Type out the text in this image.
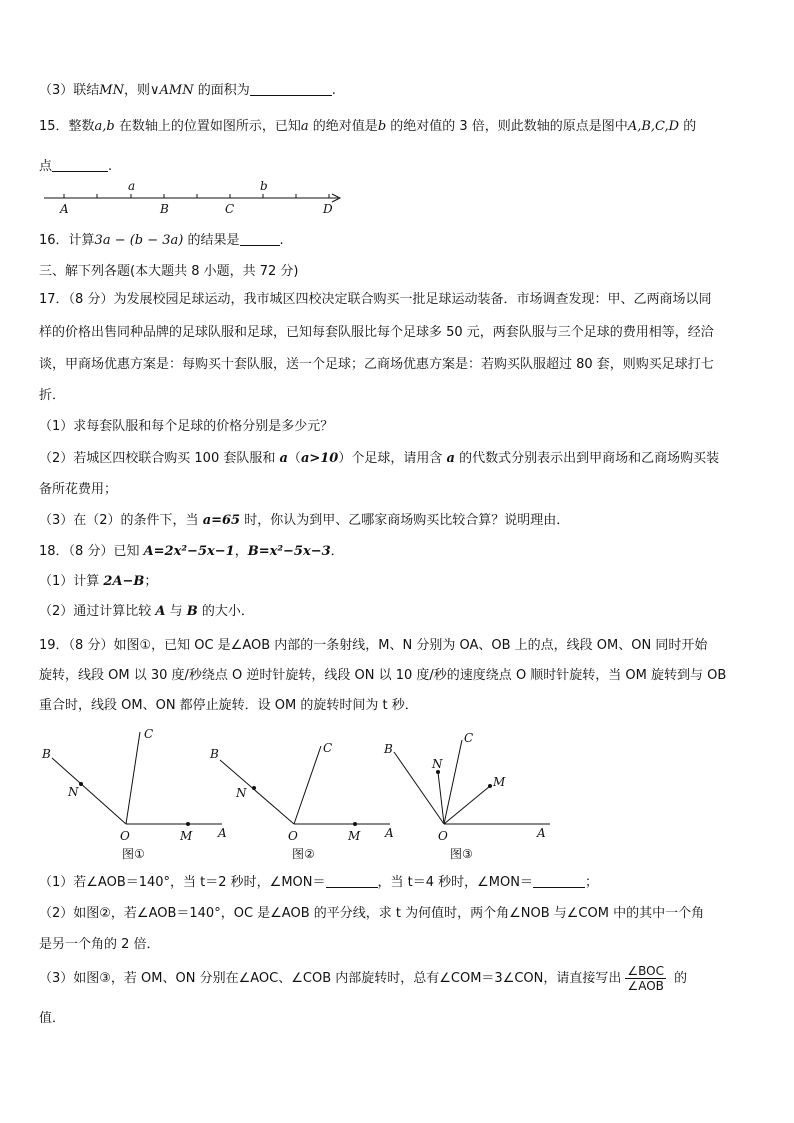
（3）联结MN，则∨AMN 的面积为	.
15．整数a,b 在数轴上的位置如图所示，已知a 的绝对值是b 的绝对值的 3 倍，则此数轴的原点是图中A,B,C,D 的
点	.
a	b
A	B	C	D
16．计算3a − (b − 3a) 的结果是	.
三、解下列各题(本大题共 8 小题，共 72 分)
17．（8 分）为发展校园足球运动，我市城区四校决定联合购买一批足球运动装备．市场调查发现：甲、乙两商场以同
样的价格出售同种品牌的足球队服和足球，已知每套队服比每个足球多 50 元，两套队服与三个足球的费用相等，经洽
谈，甲商场优惠方案是：每购买十套队服，送一个足球；乙商场优惠方案是：若购买队服超过 80 套，则购买足球打七
折．
（1）求每套队服和每个足球的价格分别是多少元？
（2）若城区四校联合购买 100 套队服和 a（a>10）个足球，请用含 a 的代数式分别表示出到甲商场和乙商场购买装
备所花费用；
（3）在（2）的条件下，当 a=65 时，你认为到甲、乙哪家商场购买比较合算？说明理由．
18．（8 分）已知 A=2x²−5x−1，B=x²−5x−3．
（1）计算 2A−B；
（2）通过计算比较 A 与 B 的大小．
19．（8 分）如图①，已知 OC 是∠AOB 内部的一条射线，M、N 分别为 OA、OB 上的点，线段 OM、ON 同时开始
旋转，线段 OM 以 30 度/秒绕点 O 逆时针旋转，线段 ON 以 10 度/秒的速度绕点 O 顺时针旋转，当 OM 旋转到与 OB
重合时，线段 OM、ON 都停止旋转．设 OM 的旋转时间为 t 秒．
B
C
N
O	M A
图①
B	C
N
O	M A
图②
B
C
N
O
M
A
图③
（1）若∠AOB＝140°，当 t＝2 秒时，∠MON＝	，当 t＝4 秒时，∠MON＝	；
（2）如图②，若∠AOB＝140°，OC 是∠AOB 的平分线，求 t 为何值时，两个角∠NOB 与∠COM 中的其中一个角
是另一个角的 2 倍．
（3）如图③，若 OM、ON 分别在∠AOC、∠COB 内部旋转时，总有∠COM＝3∠CON，请直接写出 $\frac{\text{∠BOC}}{\text{∠AOB}}$ 的
值．
